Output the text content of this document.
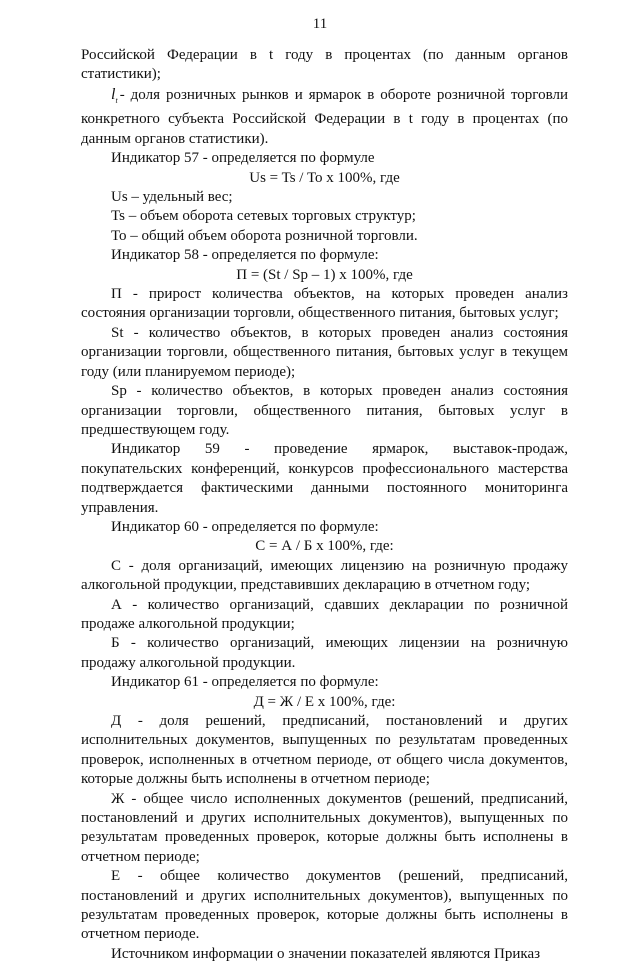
11

Российской Федерации в t году в процентах (по данным органов статистики);

$l_t$ - доля розничных рынков и ярмарок в обороте розничной торговли конкретного субъекта Российской Федерации в t году в процентах (по данным органов статистики).

Индикатор 57 - определяется по формуле

Us = Ts / To x 100%, где

Us – удельный вес;

Ts – объем оборота сетевых торговых структур;

То – общий объем оборота розничной торговли.

Индикатор 58 - определяется по формуле:

П = (St / Sp – 1) x 100%, где

П - прирост количества объектов, на которых проведен анализ состояния организации торговли, общественного питания, бытовых услуг;

St - количество объектов, в которых проведен анализ состояния организации торговли, общественного питания, бытовых услуг в текущем году (или планируемом периоде);

Sp - количество объектов, в которых проведен анализ состояния организации торговли, общественного питания, бытовых услуг в предшествующем году.

Индикатор 59 - проведение ярмарок, выставок-продаж, покупательских конференций, конкурсов профессионального мастерства подтверждается фактическими данными постоянного мониторинга управления.

Индикатор 60 - определяется по формуле:

С = А / Б х 100%, где:

С - доля организаций, имеющих лицензию на розничную продажу алкогольной продукции, представивших декларацию в отчетном году;

А - количество организаций, сдавших декларации по розничной продаже алкогольной продукции;

Б - количество организаций, имеющих лицензии на розничную продажу алкогольной продукции.

Индикатор 61 - определяется по формуле:

Д = Ж / Е х 100%, где:

Д - доля решений, предписаний, постановлений и других исполнительных документов, выпущенных по результатам проведенных проверок, исполненных в отчетном периоде, от общего числа документов, которые должны быть исполнены в отчетном периоде;

Ж - общее число исполненных документов (решений, предписаний, постановлений и других исполнительных документов), выпущенных по результатам проведенных проверок, которые должны быть исполнены в отчетном периоде;

Е - общее количество документов (решений, предписаний, постановлений и других исполнительных документов), выпущенных по результатам проведенных проверок, которые должны быть исполнены в отчетном периоде.

Источником информации о значении показателей являются Приказ
